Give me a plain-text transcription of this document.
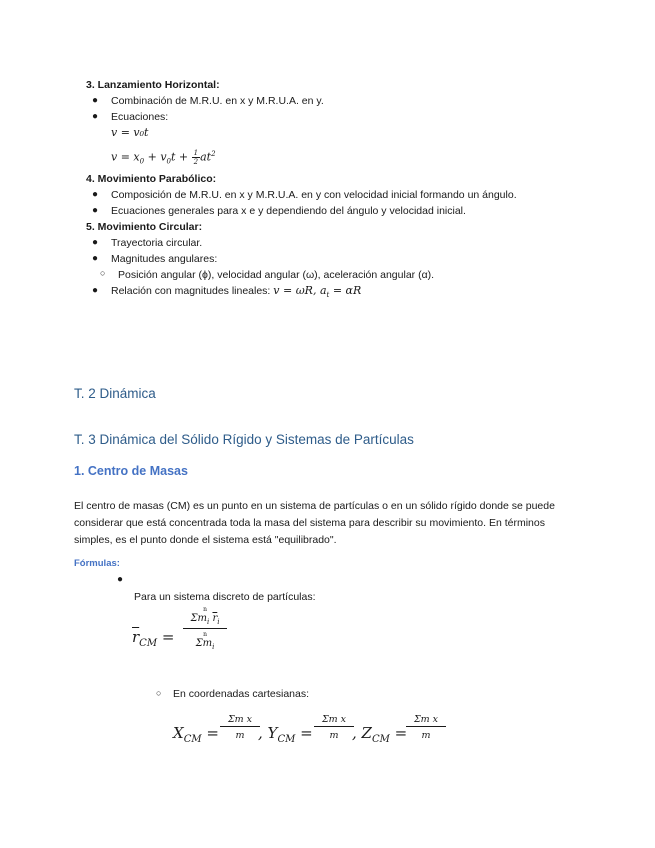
3. Lanzamiento Horizontal:
● Combinación de M.R.U. en x y M.R.U.A. en y.
● Ecuaciones:
v = v₀t
$v = x_0 + v_0t + \frac{1}{2} at^2$
4. Movimiento Parabólico:
● Composición de M.R.U. en x y M.R.U.A. en y con velocidad inicial formando un ángulo.
● Ecuaciones generales para x e y dependiendo del ángulo y velocidad inicial.
5. Movimiento Circular:
● Trayectoria circular.
● Magnitudes angulares:
○ Posición angular (ϕ), velocidad angular (ω), aceleración angular (α).
● Relación con magnitudes lineales: v = ωR, $a_t = \alpha R$
T. 2 Dinámica
T. 3 Dinámica del Sólido Rígido y Sistemas de Partículas
1. Centro de Masas
El centro de masas (CM) es un punto en un sistema de partículas o en un sólido rígido donde se puede
considerar que está concentrada toda la masa del sistema para describir su movimiento. En términos
simples, es el punto donde el sistema está "equilibrado".
Fórmulas:
●
Para un sistema discreto de partículas:
$\overline{r}_{CM}$ =
n
$\Sigma m_i$ $\overline{r}_i$
n
$\Sigma m_i$
○ En coordenadas cartesianas:
$X_{CM}$ =
Σm x
m , $Y_{CM}$ =
Σm x
m , $Z_{CM}$ =
Σm x
m
